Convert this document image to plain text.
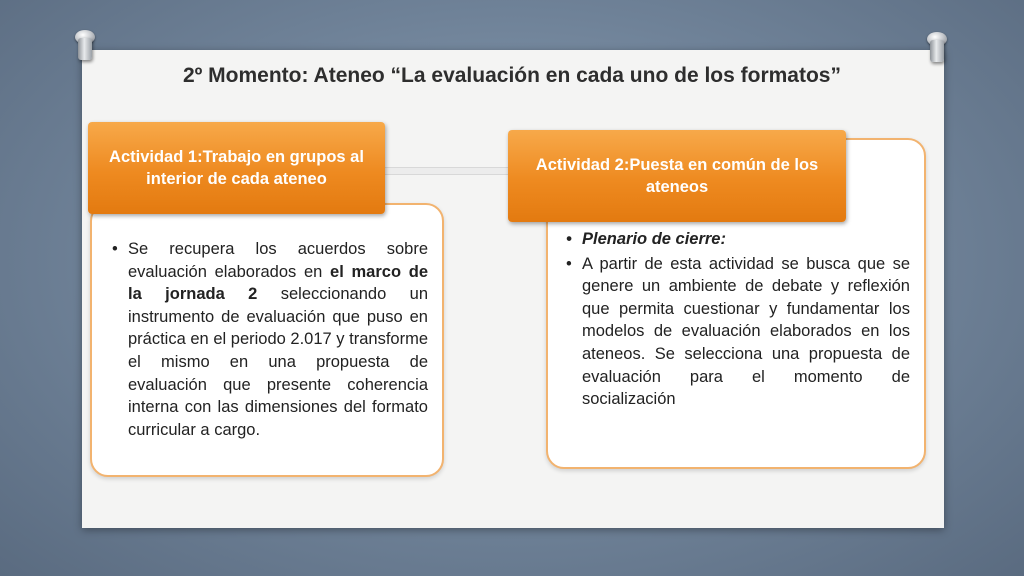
2º Momento: Ateneo “La evaluación en cada uno de los formatos”
• Se recupera los acuerdos sobre evaluación elaborados en el marco de la jornada 2 seleccionando un instrumento de evaluación que puso en práctica en el periodo 2.017 y transforme el mismo en una propuesta de evaluación que presente coherencia interna con las dimensiones del formato curricular a cargo.
Actividad 1:Trabajo en grupos al interior de cada ateneo
• Plenario de cierre:
• A partir de esta actividad se busca que se genere un ambiente de debate y reflexión que permita cuestionar y fundamentar los modelos de evaluación elaborados en los ateneos. Se selecciona una propuesta de evaluación para el momento de socialización
Actividad 2:Puesta en común de los ateneos
